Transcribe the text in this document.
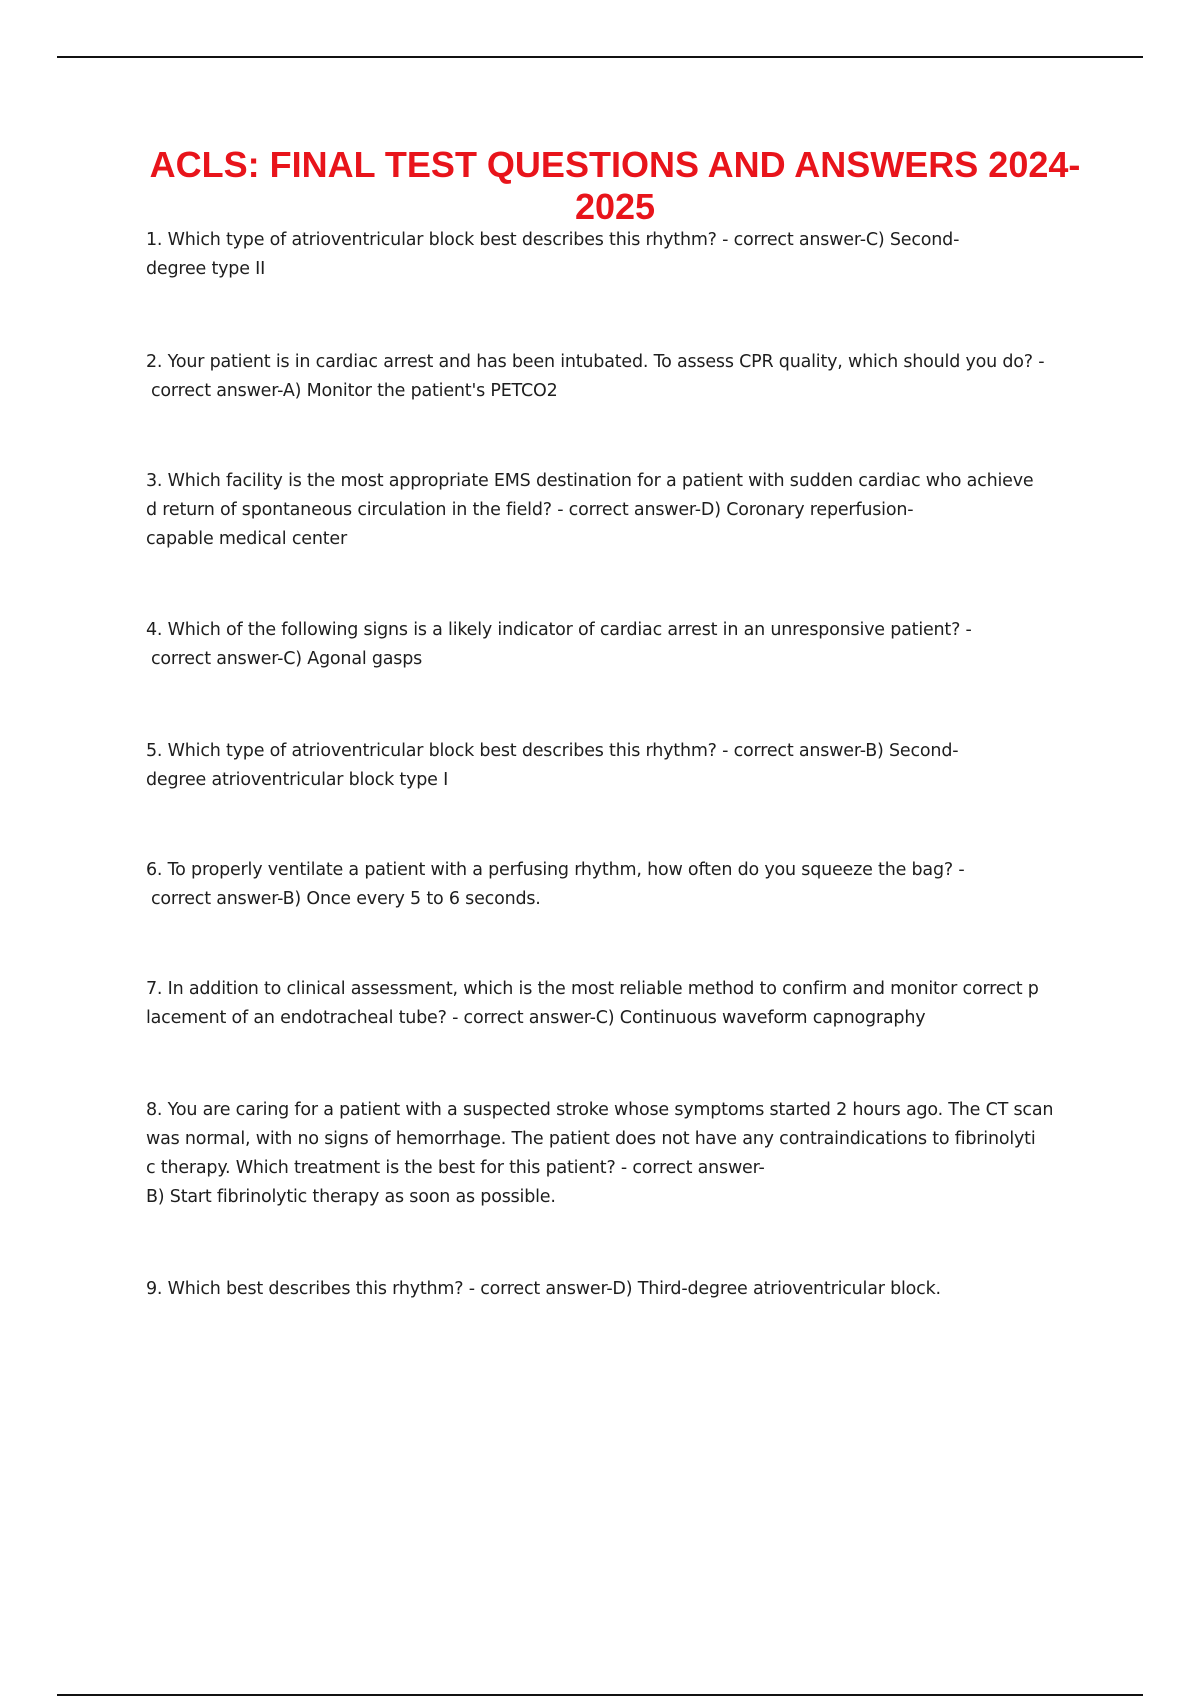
ACLS: FINAL TEST QUESTIONS AND ANSWERS 2024-
2025
1. Which type of atrioventricular block best describes this rhythm? - correct answer-C) Second-
degree type II
2. Your patient is in cardiac arrest and has been intubated. To assess CPR quality, which should you do? -
correct answer-A) Monitor the patient's PETCO2
3. Which facility is the most appropriate EMS destination for a patient with sudden cardiac who achieve
d return of spontaneous circulation in the field? - correct answer-D) Coronary reperfusion-
capable medical center
4. Which of the following signs is a likely indicator of cardiac arrest in an unresponsive patient? -
correct answer-C) Agonal gasps
5. Which type of atrioventricular block best describes this rhythm? - correct answer-B) Second-
degree atrioventricular block type I
6. To properly ventilate a patient with a perfusing rhythm, how often do you squeeze the bag? -
correct answer-B) Once every 5 to 6 seconds.
7. In addition to clinical assessment, which is the most reliable method to confirm and monitor correct p
lacement of an endotracheal tube? - correct answer-C) Continuous waveform capnography
8. You are caring for a patient with a suspected stroke whose symptoms started 2 hours ago. The CT scan
was normal, with no signs of hemorrhage. The patient does not have any contraindications to fibrinolyti
c therapy. Which treatment is the best for this patient? - correct answer-
B) Start fibrinolytic therapy as soon as possible.
9. Which best describes this rhythm? - correct answer-D) Third-degree atrioventricular block.
